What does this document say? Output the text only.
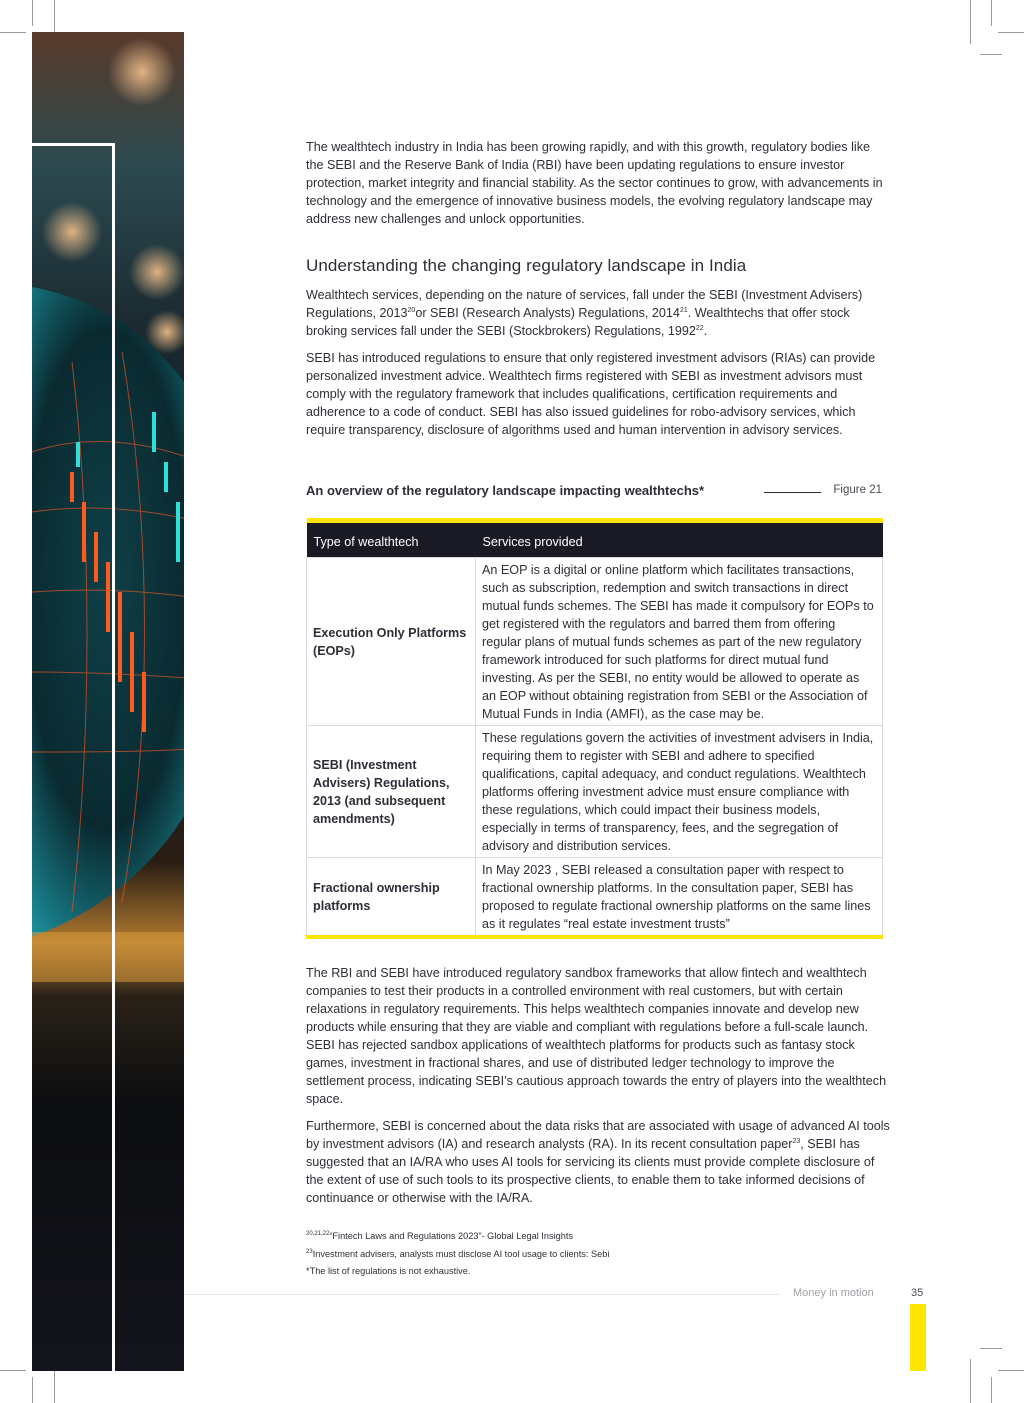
The wealthtech industry in India has been growing rapidly, and with this growth, regulatory bodies like the SEBI and the Reserve Bank of India (RBI) have been updating regulations to ensure investor protection, market integrity and financial stability. As the sector continues to grow, with advancements in technology and the emergence of innovative business models, the evolving regulatory landscape may address new challenges and unlock opportunities.

Understanding the changing regulatory landscape in India

Wealthtech services, depending on the nature of services, fall under the SEBI (Investment Advisers) Regulations, 2013$^{20}$or SEBI (Research Analysts) Regulations, 2014$^{21}$. Wealthtechs that offer stock broking services fall under the SEBI (Stockbrokers) Regulations, 1992$^{22}$.

SEBI has introduced regulations to ensure that only registered investment advisors (RIAs) can provide personalized investment advice. Wealthtech firms registered with SEBI as investment advisors must comply with the regulatory framework that includes qualifications, certification requirements and adherence to a code of conduct. SEBI has also issued guidelines for robo-advisory services, which require transparency, disclosure of algorithms used and human intervention in advisory services.

An overview of the regulatory landscape impacting wealthtechs*	Figure 21
Type of wealthtech	Services provided
Execution Only Platforms (EOPs)	An EOP is a digital or online platform which facilitates transactions, such as subscription, redemption and switch transactions in direct mutual funds schemes. The SEBI has made it compulsory for EOPs to get registered with the regulators and barred them from offering regular plans of mutual funds schemes as part of the new regulatory framework introduced for such platforms for direct mutual fund investing. As per the SEBI, no entity would be allowed to operate as an EOP without obtaining registration from SEBI or the Association of Mutual Funds in India (AMFI), as the case may be.
SEBI (Investment Advisers) Regulations, 2013 (and subsequent amendments)	These regulations govern the activities of investment advisers in India, requiring them to register with SEBI and adhere to specified qualifications, capital adequacy, and conduct regulations. Wealthtech platforms offering investment advice must ensure compliance with these regulations, which could impact their business models, especially in terms of transparency, fees, and the segregation of advisory and distribution services.
Fractional ownership platforms	In May 2023 , SEBI released a consultation paper with respect to fractional ownership platforms. In the consultation paper, SEBI has proposed to regulate fractional ownership platforms on the same lines as it regulates “real estate investment trusts”

The RBI and SEBI have introduced regulatory sandbox frameworks that allow fintech and wealthtech companies to test their products in a controlled environment with real customers, but with certain relaxations in regulatory requirements. This helps wealthtech companies innovate and develop new products while ensuring that they are viable and compliant with regulations before a full-scale launch. SEBI has rejected sandbox applications of wealthtech platforms for products such as fantasy stock games, investment in fractional shares, and use of distributed ledger technology to improve the settlement process, indicating SEBI’s cautious approach towards the entry of players into the wealthtech space.

Furthermore, SEBI is concerned about the data risks that are associated with usage of advanced AI tools by investment advisors (IA) and research analysts (RA). In its recent consultation paper$^{23}$, SEBI has suggested that an IA/RA who uses AI tools for servicing its clients must provide complete disclosure of the extent of use of such tools to its prospective clients, to enable them to take informed decisions of continuance or otherwise with the IA/RA.

$^{20,21,22}$“Fintech Laws and Regulations 2023”- Global Legal Insights
$^{23}$Investment advisers, analysts must disclose AI tool usage to clients: Sebi
*The list of regulations is not exhaustive.
Money in motion	35
